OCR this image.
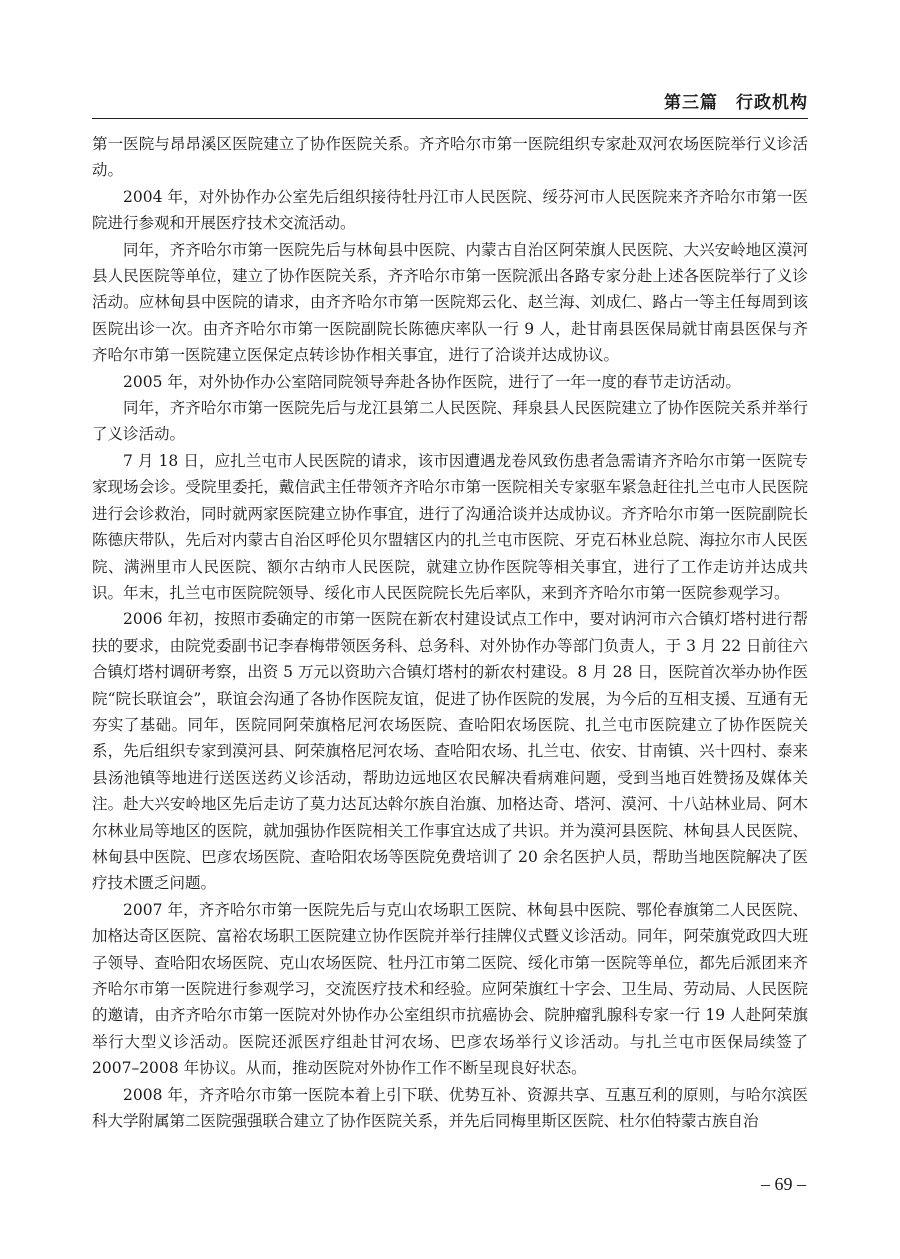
第三篇　行政机构

第一医院与昂昂溪区医院建立了协作医院关系。齐齐哈尔市第一医院组织专家赴双河农场医院举行义诊活动。

2004 年，对外协作办公室先后组织接待牡丹江市人民医院、绥芬河市人民医院来齐齐哈尔市第一医院进行参观和开展医疗技术交流活动。

同年，齐齐哈尔市第一医院先后与林甸县中医院、内蒙古自治区阿荣旗人民医院、大兴安岭地区漠河县人民医院等单位，建立了协作医院关系，齐齐哈尔市第一医院派出各路专家分赴上述各医院举行了义诊活动。应林甸县中医院的请求，由齐齐哈尔市第一医院郑云化、赵兰海、刘成仁、路占一等主任每周到该医院出诊一次。由齐齐哈尔市第一医院副院长陈德庆率队一行 9 人，赴甘南县医保局就甘南县医保与齐齐哈尔市第一医院建立医保定点转诊协作相关事宜，进行了洽谈并达成协议。

2005 年，对外协作办公室陪同院领导奔赴各协作医院，进行了一年一度的春节走访活动。

同年，齐齐哈尔市第一医院先后与龙江县第二人民医院、拜泉县人民医院建立了协作医院关系并举行了义诊活动。

7 月 18 日，应扎兰屯市人民医院的请求，该市因遭遇龙卷风致伤患者急需请齐齐哈尔市第一医院专家现场会诊。受院里委托，戴信武主任带领齐齐哈尔市第一医院相关专家驱车紧急赶往扎兰屯市人民医院进行会诊救治，同时就两家医院建立协作事宜，进行了沟通洽谈并达成协议。齐齐哈尔市第一医院副院长陈德庆带队，先后对内蒙古自治区呼伦贝尔盟辖区内的扎兰屯市医院、牙克石林业总院、海拉尔市人民医院、满洲里市人民医院、额尔古纳市人民医院，就建立协作医院等相关事宜，进行了工作走访并达成共识。年末，扎兰屯市医院院领导、绥化市人民医院院长先后率队，来到齐齐哈尔市第一医院参观学习。

2006 年初，按照市委确定的市第一医院在新农村建设试点工作中，要对讷河市六合镇灯塔村进行帮扶的要求，由院党委副书记李春梅带领医务科、总务科、对外协作办等部门负责人，于 3 月 22 日前往六合镇灯塔村调研考察，出资 5 万元以资助六合镇灯塔村的新农村建设。8 月 28 日，医院首次举办协作医院“院长联谊会”，联谊会沟通了各协作医院友谊，促进了协作医院的发展，为今后的互相支援、互通有无夯实了基础。同年，医院同阿荣旗格尼河农场医院、查哈阳农场医院、扎兰屯市医院建立了协作医院关系，先后组织专家到漠河县、阿荣旗格尼河农场、查哈阳农场、扎兰屯、依安、甘南镇、兴十四村、泰来县汤池镇等地进行送医送药义诊活动，帮助边远地区农民解决看病难问题，受到当地百姓赞扬及媒体关注。赴大兴安岭地区先后走访了莫力达瓦达斡尔族自治旗、加格达奇、塔河、漠河、十八站林业局、阿木尔林业局等地区的医院，就加强协作医院相关工作事宜达成了共识。并为漠河县医院、林甸县人民医院、林甸县中医院、巴彦农场医院、查哈阳农场等医院免费培训了 20 余名医护人员，帮助当地医院解决了医疗技术匮乏问题。

2007 年，齐齐哈尔市第一医院先后与克山农场职工医院、林甸县中医院、鄂伦春旗第二人民医院、加格达奇区医院、富裕农场职工医院建立协作医院并举行挂牌仪式暨义诊活动。同年，阿荣旗党政四大班子领导、查哈阳农场医院、克山农场医院、牡丹江市第二医院、绥化市第一医院等单位，都先后派团来齐齐哈尔市第一医院进行参观学习，交流医疗技术和经验。应阿荣旗红十字会、卫生局、劳动局、人民医院的邀请，由齐齐哈尔市第一医院对外协作办公室组织市抗癌协会、院肿瘤乳腺科专家一行 19 人赴阿荣旗举行大型义诊活动。医院还派医疗组赴甘河农场、巴彦农场举行义诊活动。与扎兰屯市医保局续签了 2007–2008 年协议。从而，推动医院对外协作工作不断呈现良好状态。

2008 年，齐齐哈尔市第一医院本着上引下联、优势互补、资源共享、互惠互利的原则，与哈尔滨医科大学附属第二医院强强联合建立了协作医院关系，并先后同梅里斯区医院、杜尔伯特蒙古族自治

– 69 –
